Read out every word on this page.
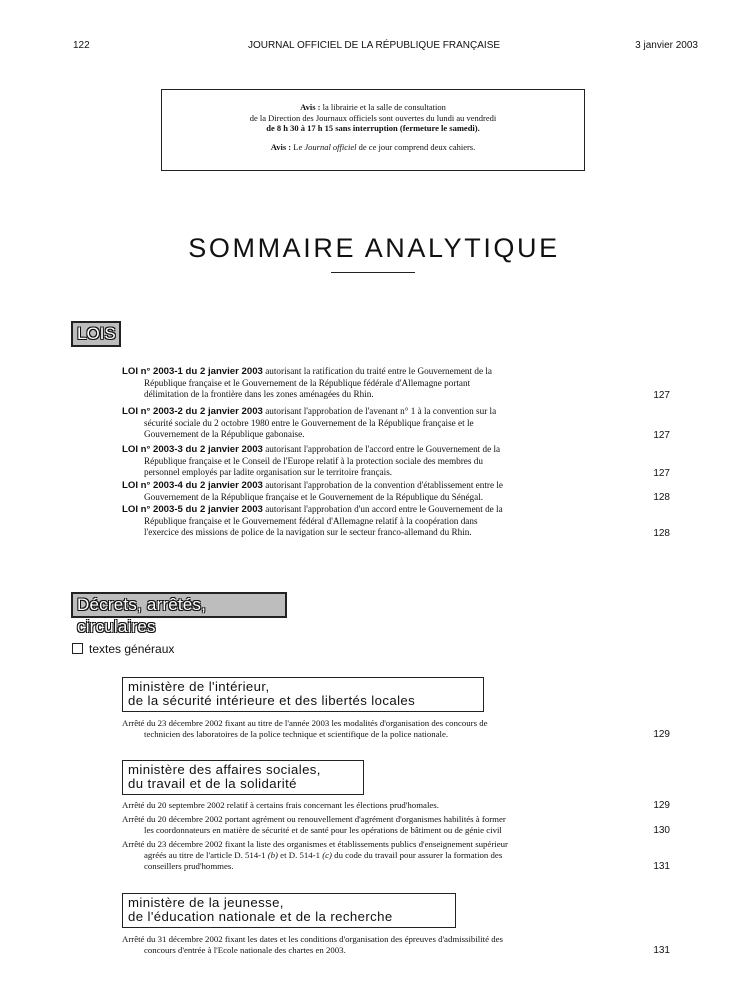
122	JOURNAL OFFICIEL DE LA RÉPUBLIQUE FRANÇAISE	3 janvier 2003
Avis : la librairie et la salle de consultation
de la Direction des Journaux officiels sont ouvertes du lundi au vendredi
de 8 h 30 à 17 h 15 sans interruption (fermeture le samedi).
Avis : Le Journal officiel de ce jour comprend deux cahiers.
SOMMAIRE ANALYTIQUE
LOIS
LOI n° 2003-1 du 2 janvier 2003 autorisant la ratification du traité entre le Gouvernement de la
République française et le Gouvernement de la République fédérale d'Allemagne portant
délimitation de la frontière dans les zones aménagées du Rhin.	127
LOI n° 2003-2 du 2 janvier 2003 autorisant l'approbation de l'avenant n° 1 à la convention sur la
sécurité sociale du 2 octobre 1980 entre le Gouvernement de la République française et le
Gouvernement de la République gabonaise.	127
LOI n° 2003-3 du 2 janvier 2003 autorisant l'approbation de l'accord entre le Gouvernement de la
République française et le Conseil de l'Europe relatif à la protection sociale des membres du
personnel employés par ladite organisation sur le territoire français.	127
LOI n° 2003-4 du 2 janvier 2003 autorisant l'approbation de la convention d'établissement entre le
Gouvernement de la République française et le Gouvernement de la République du Sénégal.	128
LOI n° 2003-5 du 2 janvier 2003 autorisant l'approbation d'un accord entre le Gouvernement de la
République française et le Gouvernement fédéral d'Allemagne relatif à la coopération dans
l'exercice des missions de police de la navigation sur le secteur franco-allemand du Rhin.	128
Décrets, arrêtés, circulaires
textes généraux
ministère de l'intérieur,
de la sécurité intérieure et des libertés locales
Arrêté du 23 décembre 2002 fixant au titre de l'année 2003 les modalités d'organisation des concours de
technicien des laboratoires de la police technique et scientifique de la police nationale.	129
ministère des affaires sociales,
du travail et de la solidarité
Arrêté du 20 septembre 2002 relatif à certains frais concernant les élections prud'homales.	129
Arrêté du 20 décembre 2002 portant agrément ou renouvellement d'agrément d'organismes habilités à former
les coordonnateurs en matière de sécurité et de santé pour les opérations de bâtiment ou de génie civil	130
Arrêté du 23 décembre 2002 fixant la liste des organismes et établissements publics d'enseignement supérieur
agréés au titre de l'article D. 514-1 (b) et D. 514-1 (c) du code du travail pour assurer la formation des
conseillers prud'hommes.	131
ministère de la jeunesse,
de l'éducation nationale et de la recherche
Arrêté du 31 décembre 2002 fixant les dates et les conditions d'organisation des épreuves d'admissibilité des
concours d'entrée à l'Ecole nationale des chartes en 2003.	131
